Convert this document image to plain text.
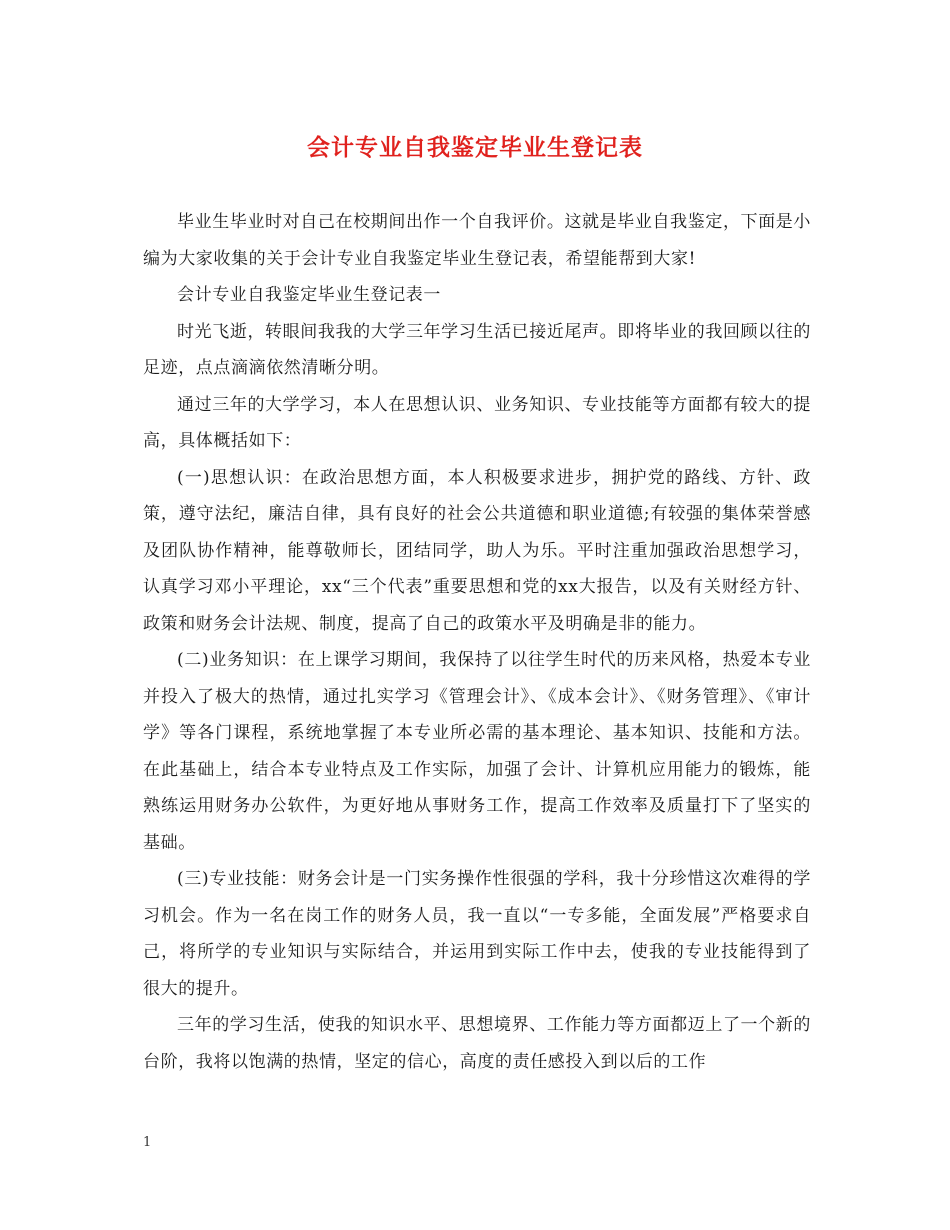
会计专业自我鉴定毕业生登记表

毕业生毕业时对自己在校期间出作一个自我评价。这就是毕业自我鉴定，下面是小编为大家收集的关于会计专业自我鉴定毕业生登记表，希望能帮到大家!

会计专业自我鉴定毕业生登记表一

时光飞逝，转眼间我我的大学三年学习生活已接近尾声。即将毕业的我回顾以往的足迹，点点滴滴依然清晰分明。

通过三年的大学学习，本人在思想认识、业务知识、专业技能等方面都有较大的提高，具体概括如下：

(一)思想认识：在政治思想方面，本人积极要求进步，拥护党的路线、方针、政策，遵守法纪，廉洁自律，具有良好的社会公共道德和职业道德;有较强的集体荣誉感及团队协作精神，能尊敬师长，团结同学，助人为乐。平时注重加强政治思想学习，认真学习邓小平理论，xx“三个代表”重要思想和党的xx大报告，以及有关财经方针、政策和财务会计法规、制度，提高了自己的政策水平及明确是非的能力。

(二)业务知识：在上课学习期间，我保持了以往学生时代的历来风格，热爱本专业并投入了极大的热情，通过扎实学习《管理会计》、《成本会计》、《财务管理》、《审计学》等各门课程，系统地掌握了本专业所必需的基本理论、基本知识、技能和方法。在此基础上，结合本专业特点及工作实际，加强了会计、计算机应用能力的锻炼，能熟练运用财务办公软件，为更好地从事财务工作，提高工作效率及质量打下了坚实的基础。

(三)专业技能：财务会计是一门实务操作性很强的学科，我十分珍惜这次难得的学习机会。作为一名在岗工作的财务人员，我一直以“一专多能，全面发展”严格要求自己，将所学的专业知识与实际结合，并运用到实际工作中去，使我的专业技能得到了很大的提升。

三年的学习生活，使我的知识水平、思想境界、工作能力等方面都迈上了一个新的台阶，我将以饱满的热情，坚定的信心，高度的责任感投入到以后的工作

1
